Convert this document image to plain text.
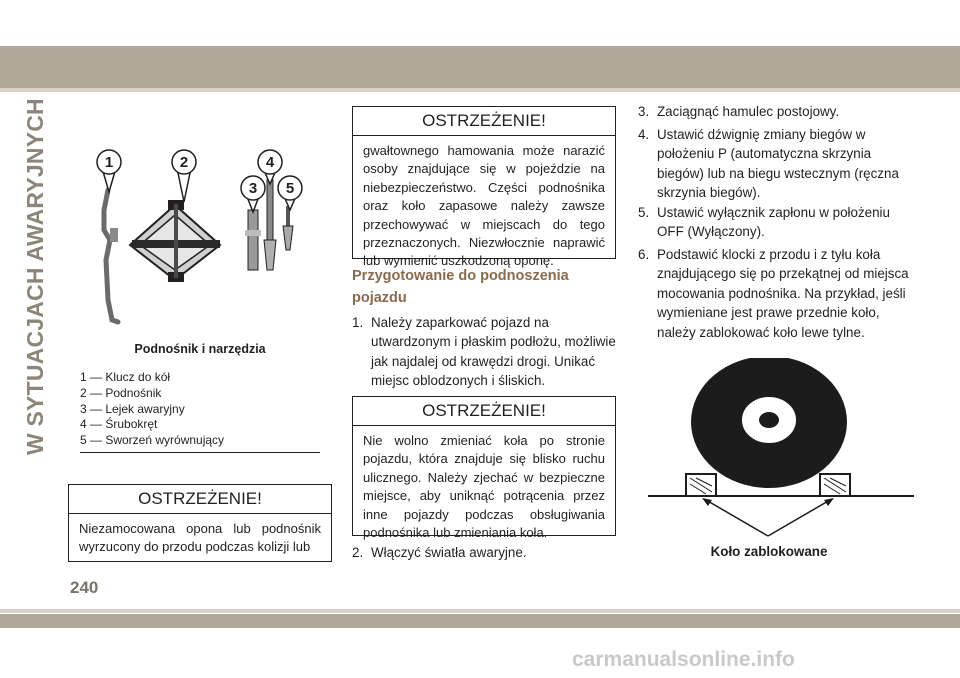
W SYTUACJACH AWARYJNYCH	1	2	4
3 5
Podnośnik i narzędzia
1 — Klucz do kół
2 — Podnośnik
3 — Lejek awaryjny
4 — Śrubokręt
5 — Sworzeń wyrównujący
OSTRZEŻENIE!
Niezamocowana opona lub podnośnik wyrzucony do przodu podczas kolizji lub
OSTRZEŻENIE!
gwałtownego hamowania może narazić osoby znajdujące się w pojeździe na niebezpieczeństwo. Części podnośnika oraz koło zapasowe należy zawsze przechowywać w miejscach do tego przeznaczonych. Niezwłocznie naprawić lub wymienić uszkodzoną oponę.
Przygotowanie do podnoszenia pojazdu
1. Należy zaparkować pojazd na utwardzonym i płaskim podłożu, możliwie jak najdalej od krawędzi drogi. Unikać miejsc oblodzonych i śliskich.
OSTRZEŻENIE!
Nie wolno zmieniać koła po stronie pojazdu, która znajduje się blisko ruchu ulicznego. Należy zjechać w bezpieczne miejsce, aby uniknąć potrącenia przez inne pojazdy podczas obsługiwania podnośnika lub zmieniania koła.
2. Włączyć światła awaryjne.
3. Zaciągnąć hamulec postojowy.
4. Ustawić dźwignię zmiany biegów w położeniu P (automatyczna skrzynia biegów) lub na biegu wstecznym (ręczna skrzynia biegów).
5. Ustawić wyłącznik zapłonu w położeniu OFF (Wyłączony).
6. Podstawić klocki z przodu i z tyłu koła znajdującego się po przekątnej od miejsca mocowania podnośnika. Na przykład, jeśli wymieniane jest prawe przednie koło, należy zablokować koło lewe tylne.
Koło zablokowane
240
carmanualsonline.info
